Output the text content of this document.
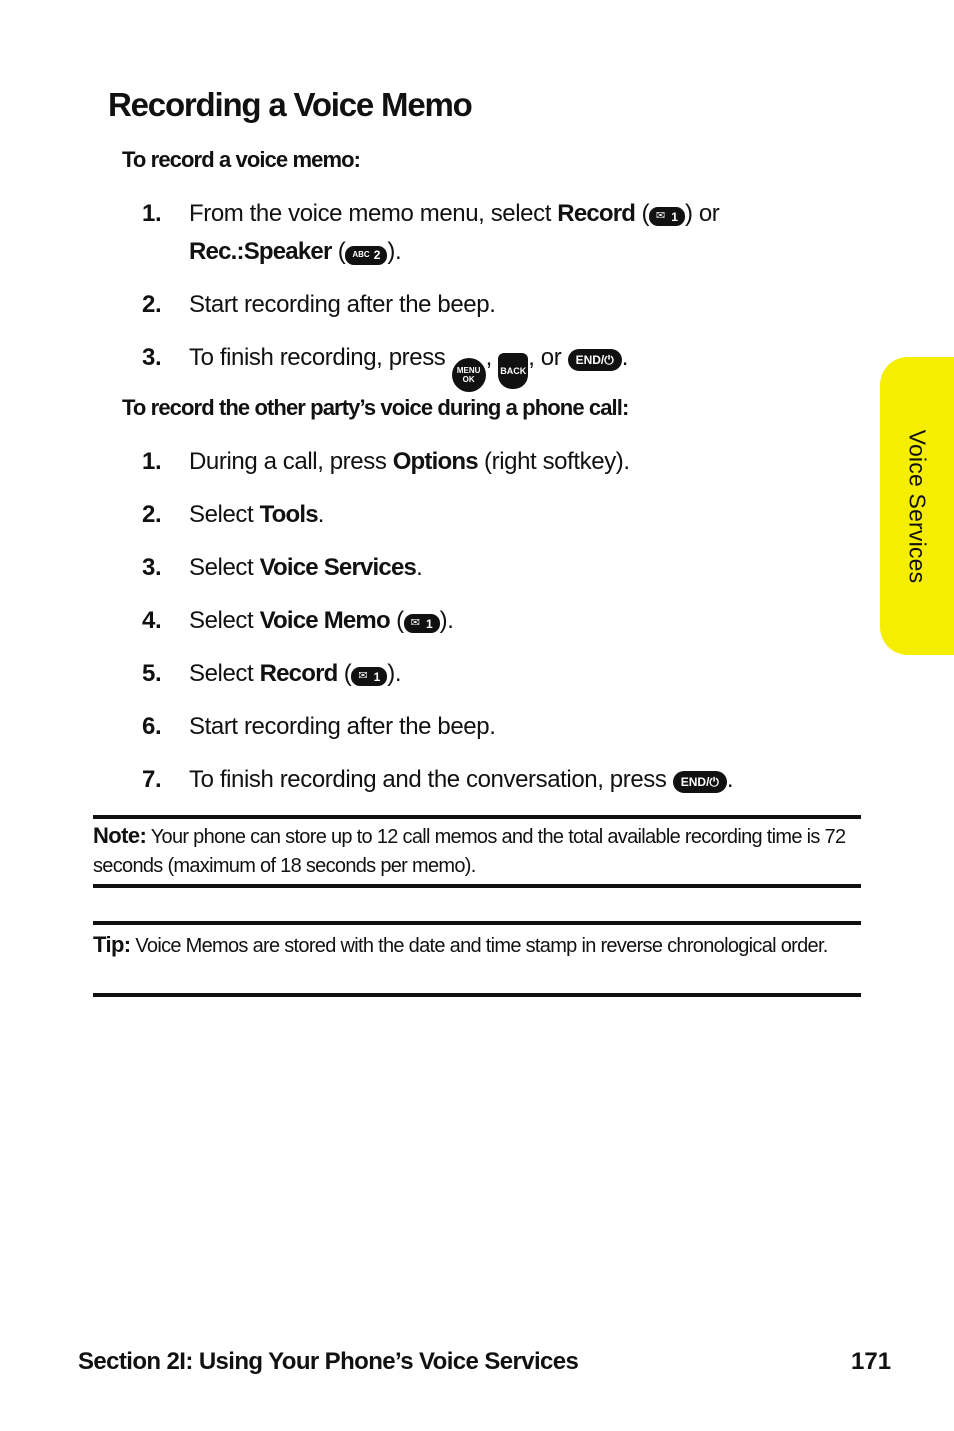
Recording a Voice Memo
To record a voice memo:
1. From the voice memo menu, select Record ( ✉ 1 ) or
Rec.:Speaker ( ABC 2 ).
2. Start recording after the beep.
3. To finish recording, press MENU
OK
, BACK, or END/ ⏻ .
To record the other party’s voice during a phone call:
1. During a call, press Options (right softkey).
2. Select Tools.
3. Select Voice Services.
4. Select Voice Memo ( ✉ 1 ).
5. Select Record ( ✉ 1 ).
6. Start recording after the beep.
7. To finish recording and the conversation, press END/ ⏻ .
Note: Your phone can store up to 12 call memos and the total available recording time is 72 seconds (maximum of 18 seconds per memo).
Tip: Voice Memos are stored with the date and time stamp in reverse chronological order.
Voice Services
Section 2I: Using Your Phone’s Voice Services	171
